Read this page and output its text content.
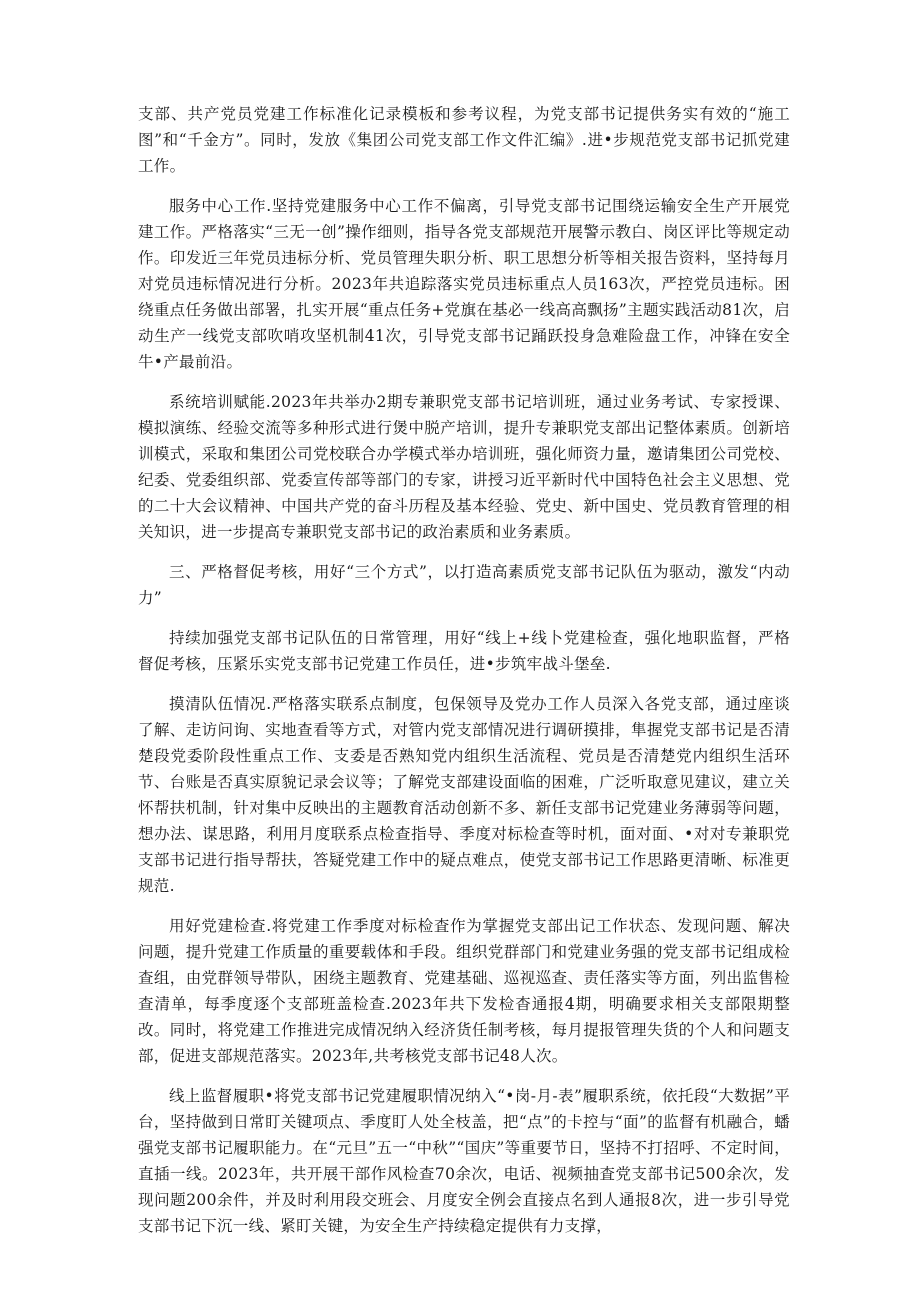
支部、共产党员党建工作标准化记录模板和参考议程，为党支部书记提供务实有效的“施工图”和“千金方”。同时，发放《集团公司党支部工作文件汇编》.进•步规范党支部书记抓党建工作。

服务中心工作.坚持党建服务中心工作不偏离，引导党支部书记围绕运输安全生产开展党建工作。严格落实“三无一创”操作细则，指导各党支部规范开展警示教白、岗区评比等规定动作。印发近三年党员违标分析、党员管理失职分析、职工思想分析等相关报告资料，坚持每月对党员违标情况进行分析。2023年共追踪落实党员违标重点人员163次，严控党员违标。困绕重点任务做出部署，扎实开展“重点任务+党旗在基必一线高高飘扬”主题实践活动81次，启动生产一线党支部吹哨攻坚机制41次，引导党支部书记踊跃投身急难险盘工作，冲锋在安全牛•产最前沿。

系统培训赋能.2023年共举办2期专兼职党支部书记培训班，通过业务考试、专家授课、模拟演练、经验交流等多种形式进行煲中脱产培训，提升专兼职党支部出记整体素质。创新培训模式，采取和集团公司党校联合办学模式举办培训班，强化师资力量，邀请集团公司党校、纪委、党委组织部、党委宣传部等部门的专家，讲授习近平新时代中国特色社会主义思想、党的二十大会议精神、中国共产党的奋斗历程及基本经验、党史、新中国史、党员教育管理的相关知识，进一步提高专兼职党支部书记的政治素质和业务素质。

三、严格督促考核，用好“三个方式”，以打造高素质党支部书记队伍为驱动，激发“内动力”

持续加强党支部书记队伍的日常管理，用好“线上+线卜党建检查，强化地职监督，严格督促考核，压紧乐实党支部书记党建工作员任，进•步筑牢战斗堡垒.

摸清队伍情况.严格落实联系点制度，包保领导及党办工作人员深入各党支部，通过座谈了解、走访问询、实地查看等方式，对管内党支部情况进行调研摸排，隼握党支部书记是否清楚段党委阶段性重点工作、支委是否熟知党内组织生活流程、党员是否清楚党内组织生活环节、台账是否真实原貌记录会议等；了解党支部建设面临的困难，广泛听取意见建议，建立关怀帮扶机制，针对集中反映出的主题教育活动创新不多、新任支部书记党建业务薄弱等问题，想办法、谋思路，利用月度联系点检查指导、季度对标检查等时机，面对面、•对对专兼职党支部书记进行指导帮扶，答疑党建工作中的疑点难点，使党支部书记工作思路更清晰、标准更规范.

用好党建检查.将党建工作季度对标检査作为掌握党支部出记工作状态、发现问题、解决问题，提升党建工作质量的重要载体和手段。组织党群部门和党建业务强的党支部书记组成检查组，由党群领导带队，困绕主题教育、党建基础、巡视巡查、责任落实等方面，列出监售检查清单，每季度逐个支部班盖检查.2023年共下发检杳通报4期，明确要求相关支部限期整改。同时，将党建工作推进完成情况纳入经济货任制考核，每月提报管理失货的个人和问题支部，促进支部规范落实。2023年,共考核党支部书记48人次。

线上监督履职•将党支部书记党建履职情况纳入“•岗-月-表”履职系统，依托段“大数据”平台，坚持做到日常盯关键项点、季度盯人处全枝盖，把“点”的卡控与“面”的监督有机融合，蟠强党支部书记履职能力。在“元旦”五一“中秋”“国庆”等重要节日，坚持不打招呼、不定时间，直插一线。2023年，共开展干部作风检查70余次，电话、视频抽査党支部书记500余次，发现问题200余件，并及时利用段交班会、月度安全例会直接点名到人通报8次，进一步引导党支部书记下沉一线、紧盯关键，为安全生产持续稳定提供有力支撑，
